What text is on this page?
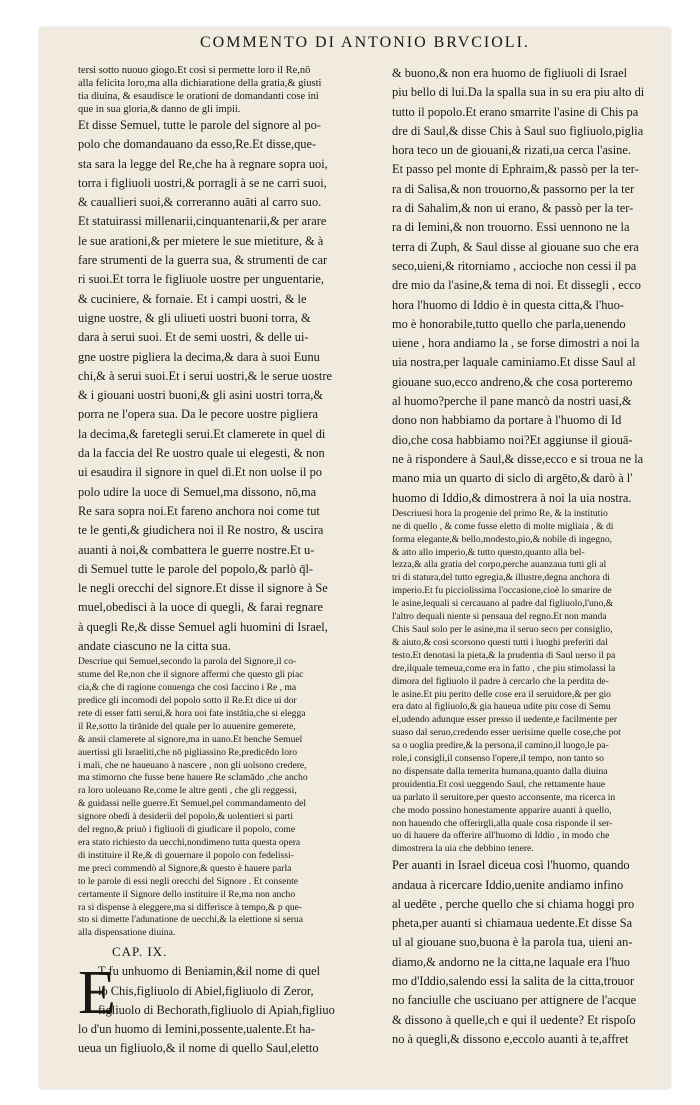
COMMENTO DI ANTONIO BRVCIOLI.

tersi sotto nuouo giogo.Et così si permette loro il Re,nō

alla felicita loro,ma alla dichiaratione della gratia,& giusti

tia diuina, & esaudisce le orationi de domandanti cose ini

que in sua gloria,& danno de gli impii.

Et disse Semuel, tutte le parole del signore al po-

polo che domandauano da esso,Re.Et disse,que-

sta sara la legge del Re,che ha à regnare sopra uoi,

torra i figliuoli uostri,& porragli à se ne carri suoi,

& cauallieri suoi,& correranno auāti al carro suo.

Et statuirassi millenarii,cinquantenarii,& per arare

le sue arationi,& per mietere le sue mietiture, & à

fare strumenti de la guerra sua, & strumenti de car

ri suoi.Et torra le figliuole uostre per unguentarie,

& cuciniere, & fornaie. Et i campi uostri, & le

uigne uostre, & gli uliueti uostri buoni torra, &

dara à serui suoi. Et de semi uostri, & delle ui-

gne uostre piglierа la decima,& dara à suoi Eunu

chi,& à serui suoi.Et i serui uostri,& le serue uostre

& i giouani uostri buoni,& gli asini uostri torra,&

porra ne l'opera sua. Da le pecore uostre piglierа

la decima,& faretegli serui.Et clamerete in quel di

da la faccia del Re uostro quale ui elegesti, & non

ui esaudira il signore in quel dì.Et non uolse il po

polo udire la uoce di Semuel,ma dissono, nō,ma

Re sara sopra noi.Et fareno anchora noi come tut

te le genti,& giudichera noi il Re nostro, & uscira

auanti à noi,& combattera le guerre nostre.Et u-

di Semuel tutte le parole del popolo,& parlò q̄l-

le negli orecchi del signore.Et disse il signore à Se

muel,obedisci à la uoce di quegli, & farai regnare

à quegli Re,& disse Semuel agli huomini di Israel,

andate ciascuno ne la citta sua.

Descriue qui Semuel,secondo la parola del Signore,il co-

stume del Re,non che il signore affermi che questo gli piac

cia,& che di ragione conuenga che così faccino i Re , ma

predice gli incomodi del popolo sotto il Re.Et dice ui dor

rete di esser fatti serui,& hora uoi fate instātia,che si elegga

il Re,sotto la tirānide del quale per lo auuenire gemerete,

& ansii clamerete al signore,ma in uano.Et benche Semuel

auertissi gli Israeliti,che nō pigliassino Re,predicēdo loro

i mali, che ne haueuano à nascere , non gli uolsono credere,

ma stimorno che fusse bene hauere Re sclamādo ,che ancho

ra loro uoleuano Re,come le altre genti , che gli reggessi,

& guidassi nelle guerre.Et Semuel,pel commandamento del

signore obedì à desiderii del popolo,& uolentieri si parti

del regno,& priuò i figliuoli di giudicare il popolo, come

era stato richiesto da uecchi,nondimeno tutta questa opera

di instituire il Re,& di gouernare il popolo con fedelissi-

me preci commendò al Signore,& questo è hauere parla

to le parole di essi negli orecchi del Signore . Et consente

certamente il Signore dello instituire il Re,ma non ancho

ra si dispense à eleggere,ma si differisce à tempo,& p que-

sto si dimette l'adunatione de uecchi,& la elettione si serua

alla dispensatione diuina.

CAP. IX.

E

T fu unhuomo di Beniamin,&il nome di quel

lo Chis,figliuolo di Abiel,figliuolo di Zeror,

figliuolo di Bechorath,figliuolo di Apiah,figliuo

lo d'un huomo di Iemini,possente,ualente.Et ha-

ueua un figliuolo,& il nome di quello Saul,eletto

& buono,& non era huomo de figliuoli di Israel

piu bello di lui.Da la spalla sua in su era piu alto di

tutto il popolo.Et erano smarrite l'asine di Chis pa

dre di Saul,& disse Chis à Saul suo figliuolo,piglia

hora teco un de giouani,& rizati,ua cerca l'asine.

Et passo pel monte di Ephraim,& passò per la ter-

ra di Salisa,& non trouorno,& passorno per la ter

ra di Sahalim,& non ui erano, & passò per la ter-

ra di Iemini,& non trouorno. Essi uennono ne la

terra di Zuph, & Saul disse al giouane suo che era

seco,uieni,& ritorniamo , accioche non cessi il pa

dre mio da l'asine,& tema di noi. Et dissegli , ecco

hora l'huomo di Iddio è in questa citta,& l'huo-

mo è honorabile,tutto quello che parla,uenendo

uiene , hora andiamo la , se forse dimostri a noi la

uia nostra,per laquale caminiamo.Et disse Saul al

giouane suo,ecco andreno,& che cosa porteremo

al huomo?perche il pane mancò da nostri uasi,&

dono non habbiamo da portare à l'huomo di Id

dio,che cosa habbiamo noi?Et aggiunse il giouā-

ne à rispondere à Saul,& disse,ecco e si troua ne la

mano mia un quarto di siclo di argēto,& darò à l'

huomo di Iddio,& dimostrera à noi la uia nostra.

Descriuesi hora la progenie del primo Re, & la institutio

ne di quello , & come fusse eletto di molte migliaia , & di

forma elegante,& bello,modesto,pio,& nobile di ingegno,

& atto allo imperio,& tutto questo,quanto alla bel-

lezza,& alla gratia del corpo,perche auanzaua tutti gli al

tri di statura,del tutto egregia,& illustre,degna anchora di

imperio.Et fu picciolissima l'occasione,cioè lo smarire de

le asine,lequali si cercauano al padre dal figliuolo,l'uno,&

l'altro dequali niente si pensaua del regno.Et non manda

Chis Saul solo per le asine,ma il seruo seco per consiglio,

& aiuto,& così scorsono questi tutti i luoghi preferiti dal

testo.Et denotasi la pieta,& la prudentia di Saul uerso il pa

dre,ilquale temeua,come era in fatto , che piu stimolassi la

dimora del figliuolo il padre à cercarlo che la perdita de-

le asine.Et piu perito delle cose era il seruidore,& per gio

era dato al figliuolo,& gia haueua udite piu cose di Semu

el,udendo adunque esser presso il uedente,e facilmente per

suaso dal seruo,credendo esser uerisime quelle cose,che pot

sa o uoglia predire,& la persona,il camino,il luogo,le pa-

role,i consigli,il consenso l'opere,il tempo, non tanto so

no dispensate dalla temerita humana,quanto dalla diuina

prouidentia.Et così ueggendo Saul, che rettamente haue

ua parlato il seruitore,per questo acconsente, ma ricerca in

che modo possino honestamente apparire auanti à quello,

non hauendo che offerirgli,alla quale cosa risponde il ser-

uo di hauere da offerire all'huomo di Iddio , in modo che

dimostrera la uia che debbino tenere.

Per auanti in Israel diceua così l'huomo, quando

andaua à ricercare Iddio,uenite andiamo infino

al uedēte , perche quello che si chiama hoggi pro

pheta,per auanti si chiamaua uedente.Et disse Sa

ul al giouane suo,buona è la parola tua, uieni an-

diamo,& andorno ne la citta,ne laquale era l'huo

mo d'Iddio,salendo essi la salita de la citta,trouor

no fanciulle che usciuano per attignere de l'acque

& dissono à quelle,ch e qui il uedente? Et rispoſo

no à quegli,& dissono e,eccolo auanti à te,affret
